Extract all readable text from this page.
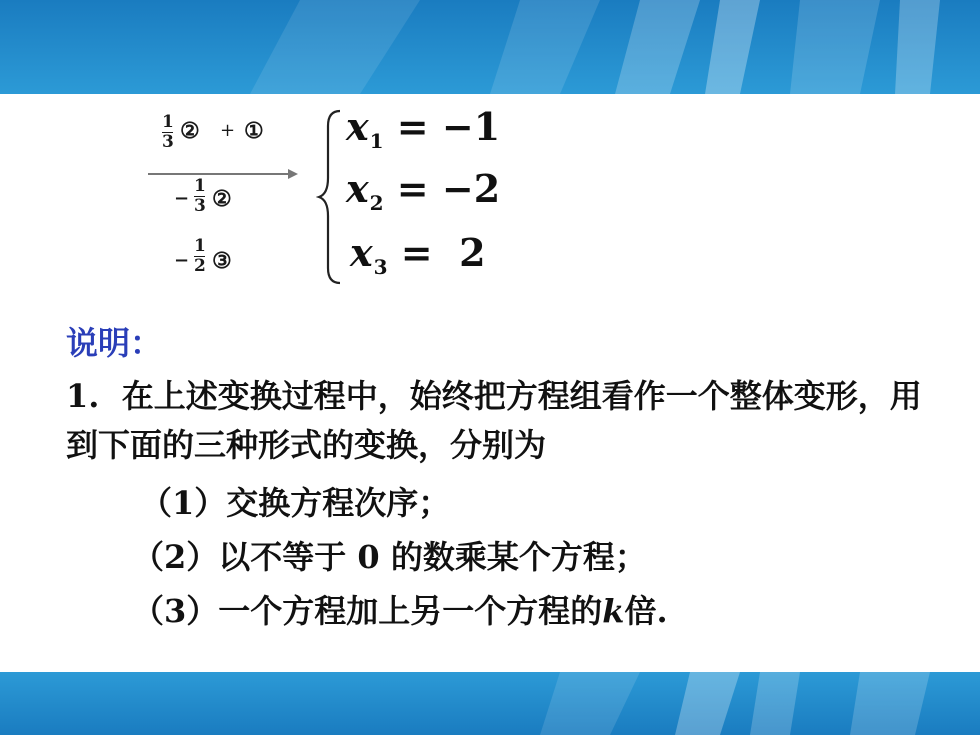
1
3 ② + ①
−
1
3 ②
−
1
2 ③
$x_1 = -1$
$x_2 = -2$
$x_3 = 2$
说明：
1.  在上述变换过程中，始终把方程组看作一个整体变形，用到下面的三种形式的变换，分别为
（1）交换方程次序；
（2）以不等于 0 的数乘某个方程；
（3）一个方程加上另一个方程的k倍.
